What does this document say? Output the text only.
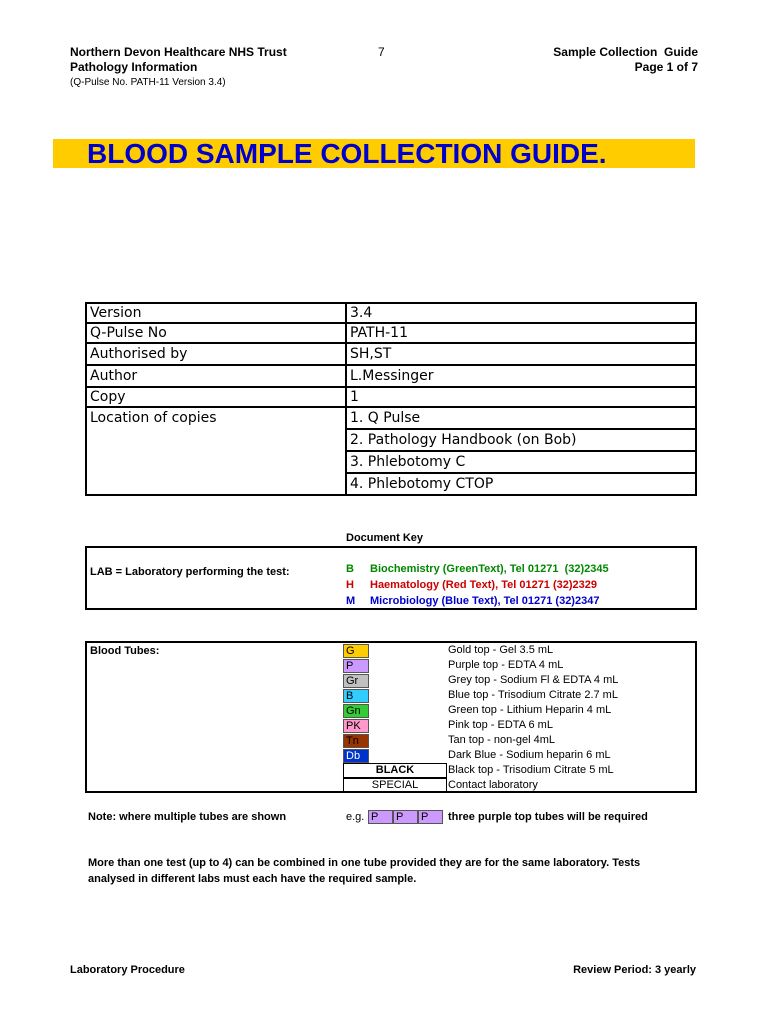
Northern Devon Healthcare NHS Trust
Pathology Information
(Q-Pulse No. PATH-11 Version 3.4)
7	Sample Collection  Guide
Page 1 of 7
BLOOD SAMPLE COLLECTION GUIDE.
Version	3.4
Q-Pulse No	PATH-11
Authorised by	SH,ST
Author	L.Messinger
Copy	1
Location of copies	1. Q Pulse
	2. Pathology Handbook (on Bob)
	3. Phlebotomy C
	4. Phlebotomy CTOP
Document Key
LAB = Laboratory performing the test:	B Biochemistry (GreenText), Tel 01271  (32)2345
H Haematology (Red Text), Tel 01271 (32)2329
M Microbiology (Blue Text), Tel 01271 (32)2347
Blood Tubes:	G	Gold top - Gel 3.5 mL
P	Purple top - EDTA 4 mL
Gr	Grey top - Sodium Fl & EDTA 4 mL
B	Blue top - Trisodium Citrate 2.7 mL
Gn	Green top - Lithium Heparin 4 mL
PK	Pink top - EDTA 6 mL
Tn	Tan top - non-gel 4mL
Db	Dark Blue - Sodium heparin 6 mL
BLACK	Black top - Trisodium Citrate 5 mL
SPECIAL	Contact laboratory
Note: where multiple tubes are shown	e.g. P	P	P	three purple top tubes will be required
More than one test (up to 4) can be combined in one tube provided they are for the same laboratory. Tests analysed in different labs must each have the required sample.
Laboratory Procedure	Review Period: 3 yearly
